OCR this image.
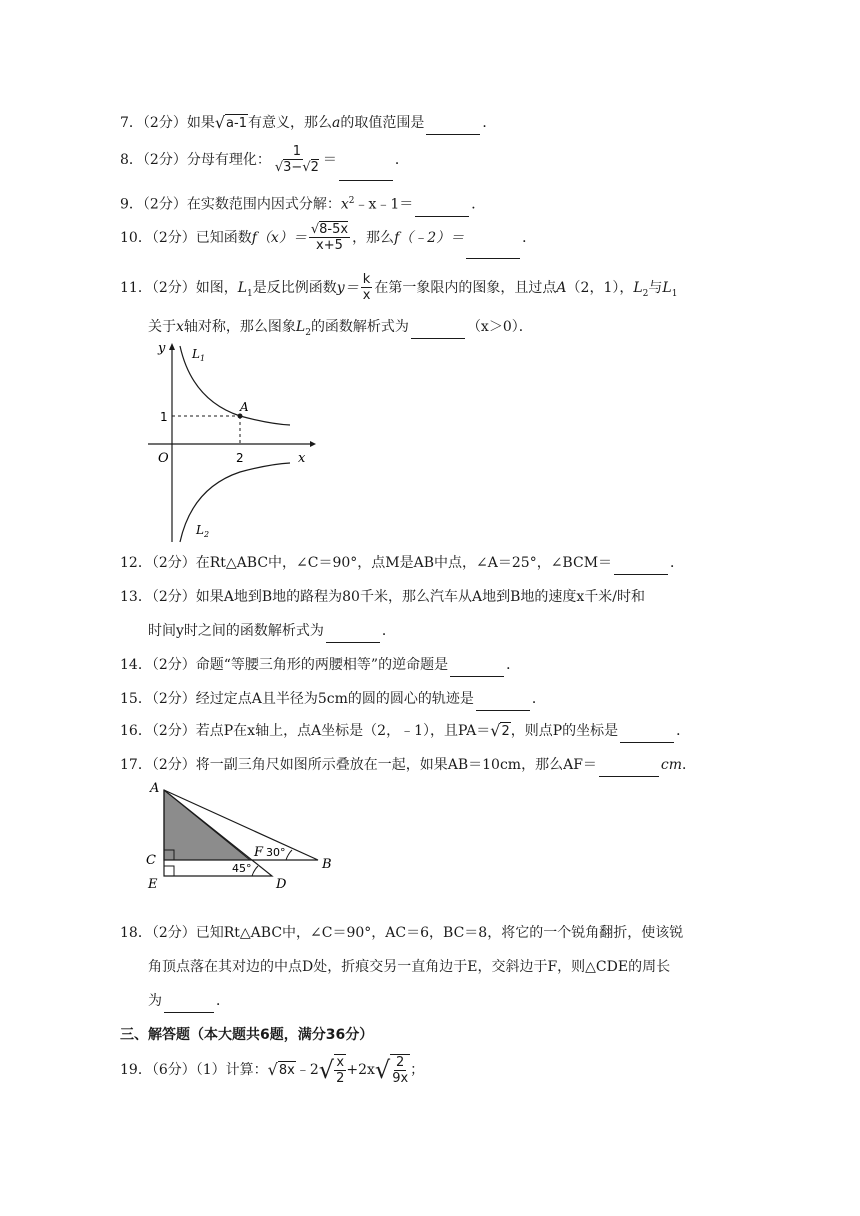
7．（2分）如果 √ a-1 有意义，那么a的取值范围是	．
8．（2分）分母有理化： $\frac{1}{√3-√2}$ ＝	．
9．（2分）在实数范围内因式分解：$x^2﹣x﹣1=$	．
10．（2分）已知函数$f(x)= \frac{√8-5x}{x+5}$ ，那么f（﹣2）＝	．
11．（2分）如图，$L_1$是反比例函数$y= \frac{k}{x}$ 在第一象限内的图象，且过点A（2，1），$L_2$与$L_1$
关于x轴对称，那么图象$L_2$的函数解析式为	（x＞0）．
y
x
O
1
2
A
$L_1$
$L_2$
12．（2分）在Rt△ABC中，∠C＝90°，点M是AB中点，∠A＝25°，∠BCM＝	．
13．（2分）如果A地到B地的路程为80千米，那么汽车从A地到B地的速度x千米/时和
时间y时之间的函数解析式为	．
14．（2分）命题“等腰三角形的两腰相等”的逆命题是	．
15．（2分）经过定点A且半径为5cm的圆的圆心的轨迹是	．
16．（2分）若点P在x轴上，点A坐标是（2，﹣1），且PA＝ √ 2 ，则点P的坐标是	．
17．（2分）将一副三角尺如图所示叠放在一起，如果AB＝10cm，那么AF＝	cm．
A
C
E	D
B
F 30°
45°
18．（2分）已知Rt△ABC中，∠C＝90°，AC＝6，BC＝8，将它的一个锐角翻折，使该锐
角顶点落在其对边的中点D处，折痕交另一直角边于E，交斜边于F，则△CDE的周长
为	．
三、解答题（本大题共6题，满分36分）
19．（6分）（1）计算： √ 8x ﹣2 √ $\frac{x}{2} +2x$ √ $\frac{2}{9x}$ ；
